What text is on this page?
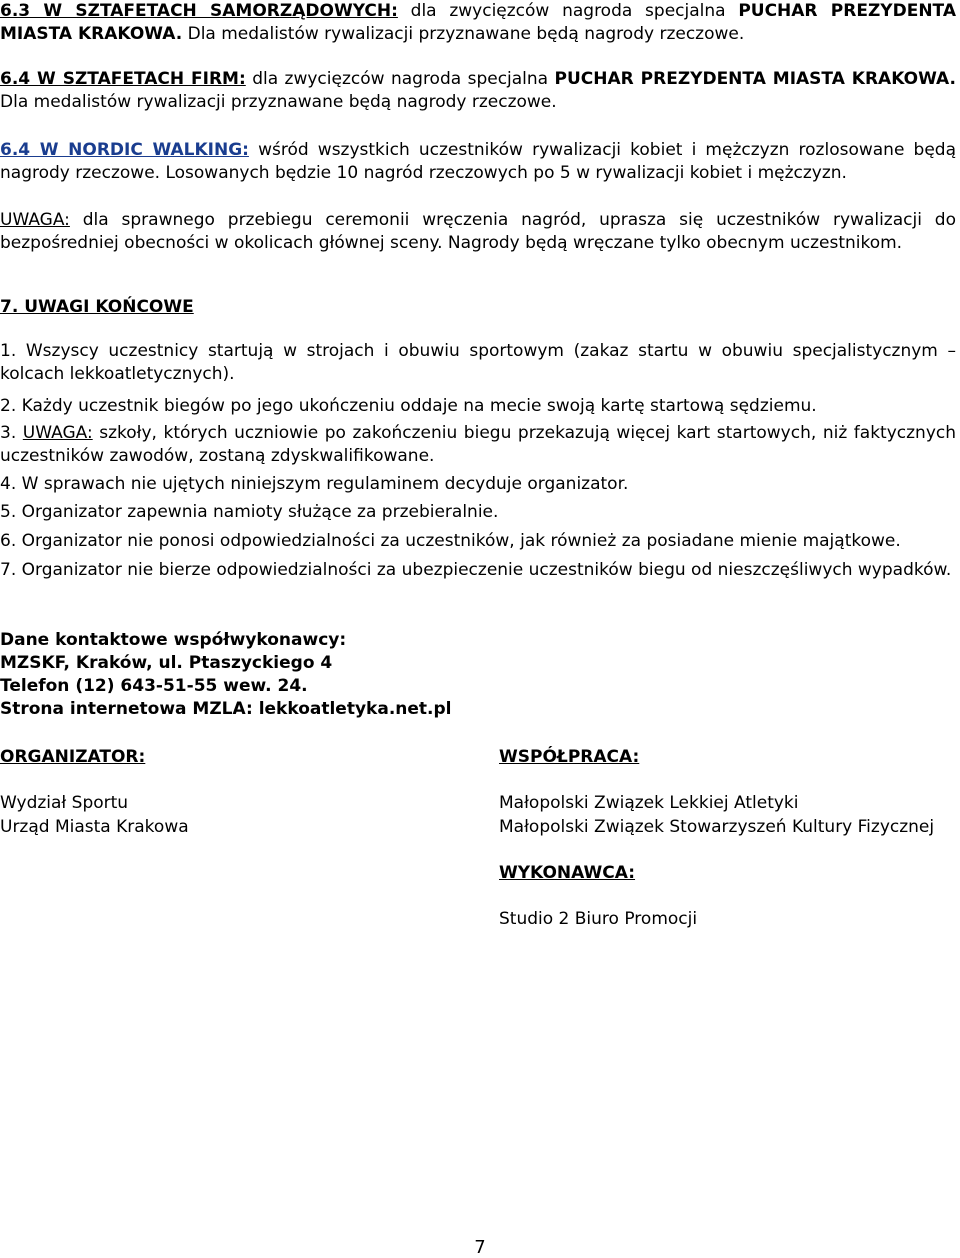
6.3 W SZTAFETACH SAMORZĄDOWYCH: dla zwycięzców nagroda specjalna PUCHAR PREZYDENTA MIASTA KRAKOWA. Dla medalistów rywalizacji przyznawane będą nagrody rzeczowe.
6.4 W SZTAFETACH FIRM: dla zwycięzców nagroda specjalna PUCHAR PREZYDENTA MIASTA KRAKOWA. Dla medalistów rywalizacji przyznawane będą nagrody rzeczowe.
6.4 W NORDIC WALKING: wśród wszystkich uczestników rywalizacji kobiet i mężczyzn rozlosowane będą nagrody rzeczowe. Losowanych będzie 10 nagród rzeczowych po 5 w rywalizacji kobiet i mężczyzn.
UWAGA: dla sprawnego przebiegu ceremonii wręczenia nagród, uprasza się uczestników rywalizacji do bezpośredniej obecności w okolicach głównej sceny. Nagrody będą wręczane tylko obecnym uczestnikom.
7. UWAGI KOŃCOWE
1. Wszyscy uczestnicy startują w strojach i obuwiu sportowym (zakaz startu w obuwiu specjalistycznym – kolcach lekkoatletycznych).
2. Każdy uczestnik biegów po jego ukończeniu oddaje na mecie swoją kartę startową sędziemu.
3. UWAGA: szkoły, których uczniowie po zakończeniu biegu przekazują więcej kart startowych, niż faktycznych uczestników zawodów, zostaną zdyskwalifikowane.
4. W sprawach nie ujętych niniejszym regulaminem decyduje organizator.
5. Organizator zapewnia namioty służące za przebieralnie.
6. Organizator nie ponosi odpowiedzialności za uczestników, jak również za posiadane mienie majątkowe.
7. Organizator nie bierze odpowiedzialności za ubezpieczenie uczestników biegu od nieszczęśliwych wypadków.
Dane kontaktowe współwykonawcy:
MZSKF, Kraków, ul. Ptaszyckiego 4
Telefon (12) 643-51-55 wew. 24.
Strona internetowa MZLA: lekkoatletyka.net.pl
ORGANIZATOR:
Wydział Sportu
Urząd Miasta Krakowa
WSPÓŁPRACA:
Małopolski Związek Lekkiej Atletyki
Małopolski Związek Stowarzyszeń Kultury Fizycznej
WYKONAWCA:
Studio 2 Biuro Promocji
7
